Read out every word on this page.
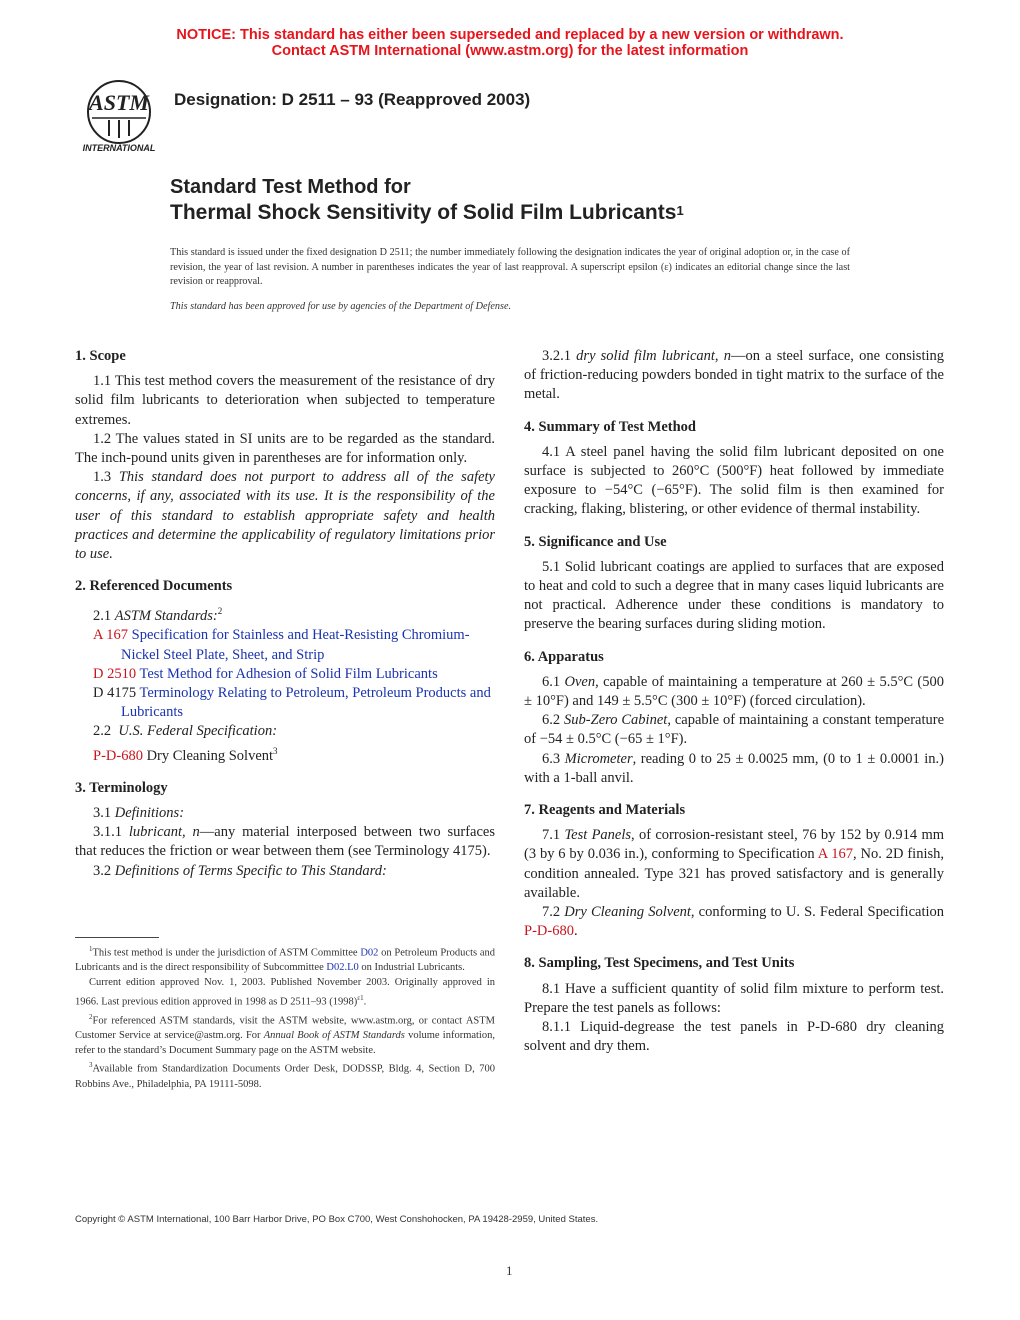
NOTICE: This standard has either been superseded and replaced by a new version or withdrawn.
Contact ASTM International (www.astm.org) for the latest information
ASTM
INTERNATIONAL
Designation: D 2511 – 93 (Reapproved 2003)
Standard Test Method for
Thermal Shock Sensitivity of Solid Film Lubricants$^1$
This standard is issued under the fixed designation D 2511; the number immediately following the designation indicates the year of original adoption or, in the case of revision, the year of last revision. A number in parentheses indicates the year of last reapproval. A superscript epsilon (ε) indicates an editorial change since the last revision or reapproval.
This standard has been approved for use by agencies of the Department of Defense.

1. Scope

1.1 This test method covers the measurement of the resistance of dry solid film lubricants to deterioration when subjected to temperature extremes.

1.2 The values stated in SI units are to be regarded as the standard. The inch-pound units given in parentheses are for information only.

1.3 This standard does not purport to address all of the safety concerns, if any, associated with its use. It is the responsibility of the user of this standard to establish appropriate safety and health practices and determine the applicability of regulatory limitations prior to use.

2. Referenced Documents

2.1 ASTM Standards:$^2$

A 167 Specification for Stainless and Heat-Resisting Chromium-Nickel Steel Plate, Sheet, and Strip

D 2510 Test Method for Adhesion of Solid Film Lubricants

D 4175 Terminology Relating to Petroleum, Petroleum Products and Lubricants

2.2 U.S. Federal Specification:

P-D-680 Dry Cleaning Solvent$^3$

3. Terminology

3.1 Definitions:

3.1.1 lubricant, n—any material interposed between two surfaces that reduces the friction or wear between them (see Terminology 4175).

3.2 Definitions of Terms Specific to This Standard:

$^1$This test method is under the jurisdiction of ASTM Committee D02 on Petroleum Products and Lubricants and is the direct responsibility of Subcommittee D02.L0 on Industrial Lubricants.

Current edition approved Nov. 1, 2003. Published November 2003. Originally approved in 1966. Last previous edition approved in 1998 as D 2511–93 $(1998)^{\varepsilon 1}$.

$^2$For referenced ASTM standards, visit the ASTM website, www.astm.org, or contact ASTM Customer Service at service@astm.org. For Annual Book of ASTM Standards volume information, refer to the standard’s Document Summary page on the ASTM website.

$^3$Available from Standardization Documents Order Desk, DODSSP, Bldg. 4, Section D, 700 Robbins Ave., Philadelphia, PA 19111-5098.

3.2.1 dry solid film lubricant, n—on a steel surface, one consisting of friction-reducing powders bonded in tight matrix to the surface of the metal.

4. Summary of Test Method

4.1 A steel panel having the solid film lubricant deposited on one surface is subjected to 260°C (500°F) heat followed by immediate exposure to −54°C (−65°F). The solid film is then examined for cracking, flaking, blistering, or other evidence of thermal instability.

5. Significance and Use

5.1 Solid lubricant coatings are applied to surfaces that are exposed to heat and cold to such a degree that in many cases liquid lubricants are not practical. Adherence under these conditions is mandatory to preserve the bearing surfaces during sliding motion.

6. Apparatus

6.1 Oven, capable of maintaining a temperature at 260 ± 5.5°C (500 ± 10°F) and 149 ± 5.5°C (300 ± 10°F) (forced circulation).

6.2 Sub-Zero Cabinet, capable of maintaining a constant temperature of −54 ± 0.5°C (−65 ± 1°F).

6.3 Micrometer, reading 0 to 25 ± 0.0025 mm, (0 to 1 ± 0.0001 in.) with a 1-ball anvil.

7. Reagents and Materials

7.1 Test Panels, of corrosion-resistant steel, 76 by 152 by 0.914 mm (3 by 6 by 0.036 in.), conforming to Specification A 167, No. 2D finish, condition annealed. Type 321 has proved satisfactory and is generally available.

7.2 Dry Cleaning Solvent, conforming to U. S. Federal Specification P-D-680.

8. Sampling, Test Specimens, and Test Units

8.1 Have a sufficient quantity of solid film mixture to perform test. Prepare the test panels as follows:

8.1.1 Liquid-degrease the test panels in P-D-680 dry cleaning solvent and dry them.

Copyright © ASTM International, 100 Barr Harbor Drive, PO Box C700, West Conshohocken, PA 19428-2959, United States.
1
